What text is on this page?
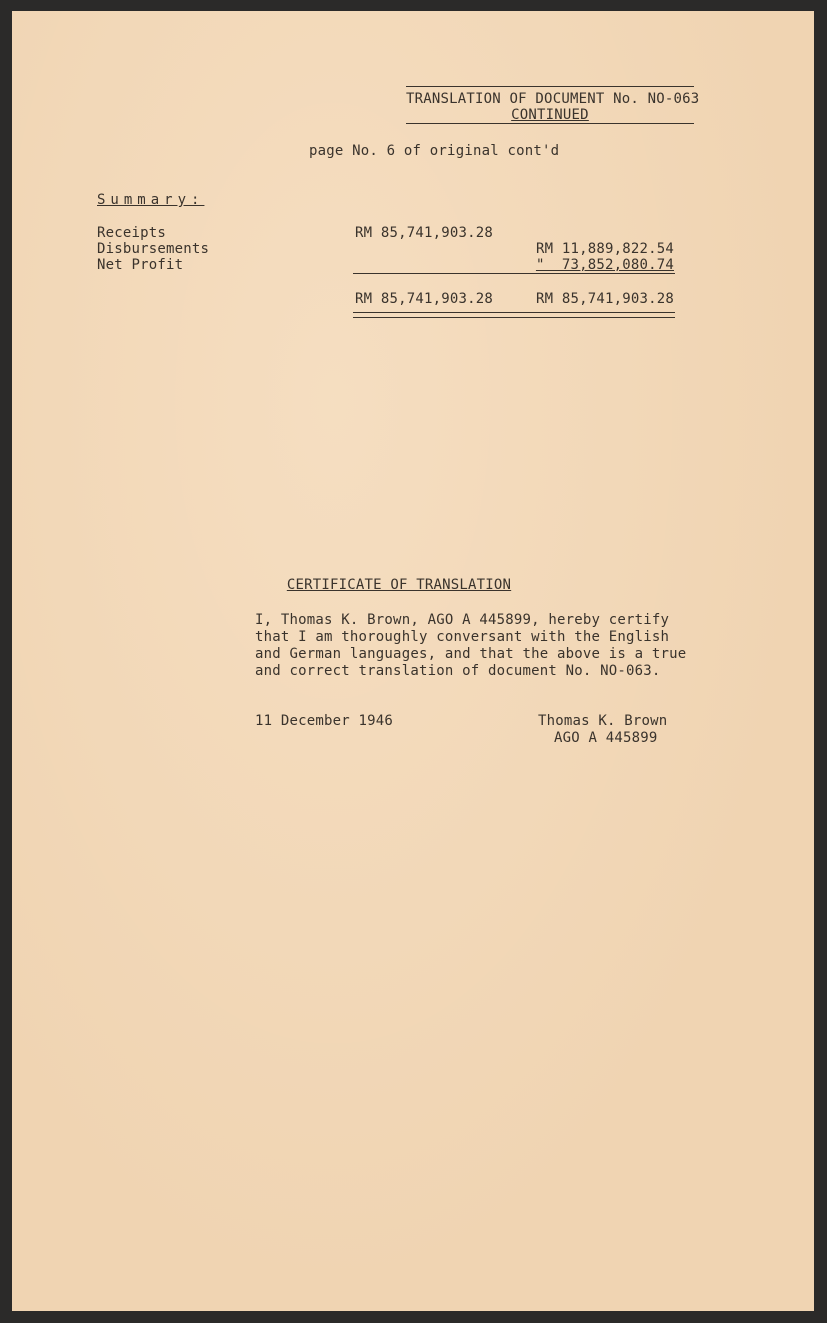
TRANSLATION OF DOCUMENT No. NO-063
CONTINUED
page No. 6 of original cont'd
Summary:
Receipts
Disbursements
Net Profit
RM 85,741,903.28
RM 11,889,822.54
"  73,852,080.74
RM 85,741,903.28	RM 85,741,903.28
CERTIFICATE OF TRANSLATION
I, Thomas K. Brown, AGO A 445899, hereby certify
that I am thoroughly conversant with the English
and German languages, and that the above is a true
and correct translation of document No. NO-063.
11 December 1946	Thomas K. Brown
AGO A 445899
